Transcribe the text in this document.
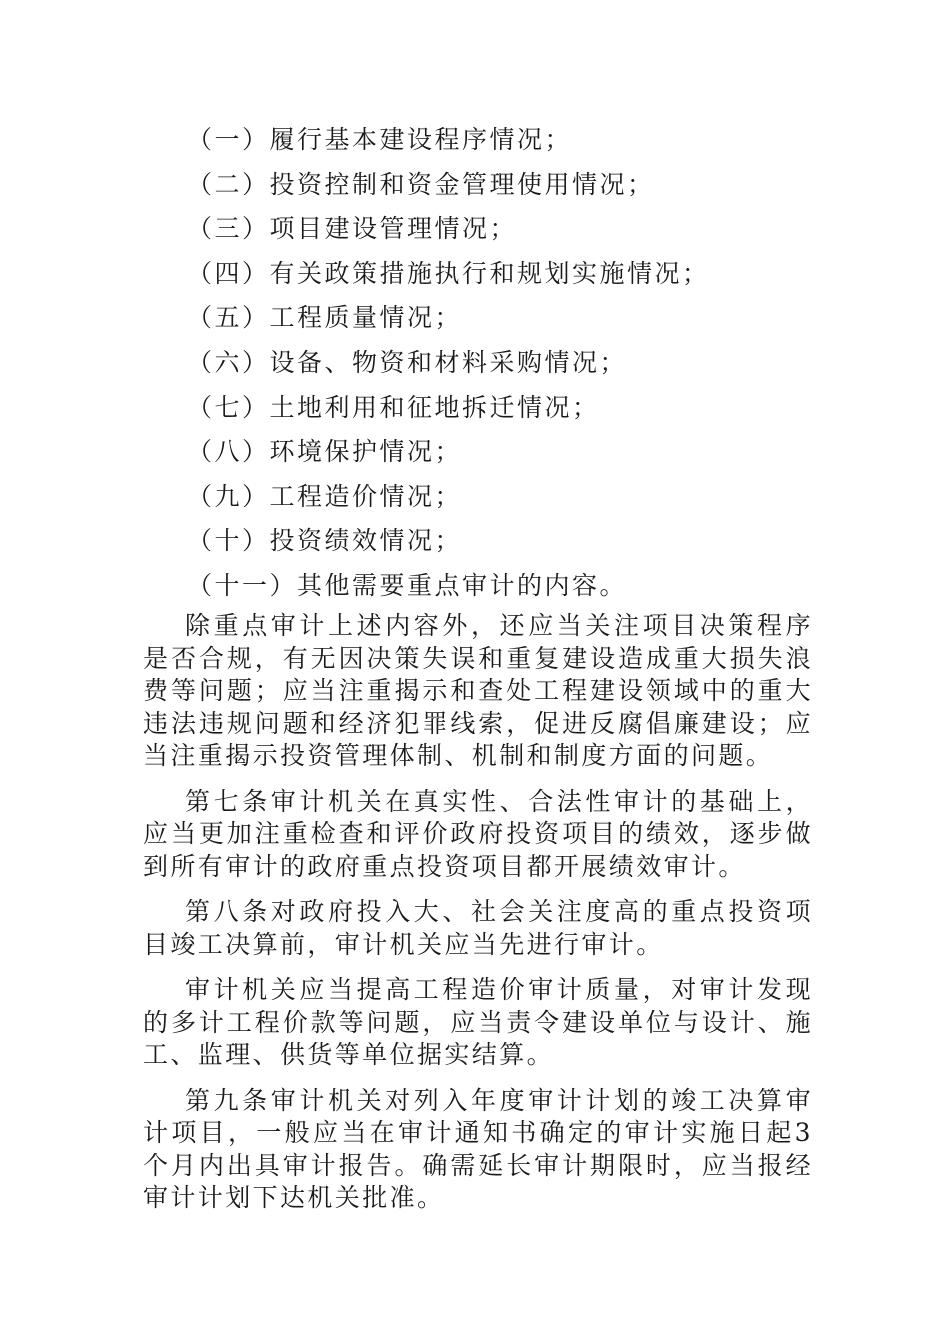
（一）履行基本建设程序情况；
（二）投资控制和资金管理使用情况；
（三）项目建设管理情况；
（四）有关政策措施执行和规划实施情况；
（五）工程质量情况；
（六）设备、物资和材料采购情况；
（七）土地利用和征地拆迁情况；
（八）环境保护情况；
（九）工程造价情况；
（十）投资绩效情况；
（十一）其他需要重点审计的内容。

除重点审计上述内容外，还应当关注项目决策程序是否合规，有无因决策失误和重复建设造成重大损失浪费等问题；应当注重揭示和查处工程建设领域中的重大违法违规问题和经济犯罪线索，促进反腐倡廉建设；应当注重揭示投资管理体制、机制和制度方面的问题。

第七条审计机关在真实性、合法性审计的基础上，应当更加注重检查和评价政府投资项目的绩效，逐步做到所有审计的政府重点投资项目都开展绩效审计。

第八条对政府投入大、社会关注度高的重点投资项目竣工决算前，审计机关应当先进行审计。

审计机关应当提高工程造价审计质量，对审计发现的多计工程价款等问题，应当责令建设单位与设计、施工、监理、供货等单位据实结算。

第九条审计机关对列入年度审计计划的竣工决算审计项目，一般应当在审计通知书确定的审计实施日起3个月内出具审计报告。确需延长审计期限时，应当报经审计计划下达机关批准。
